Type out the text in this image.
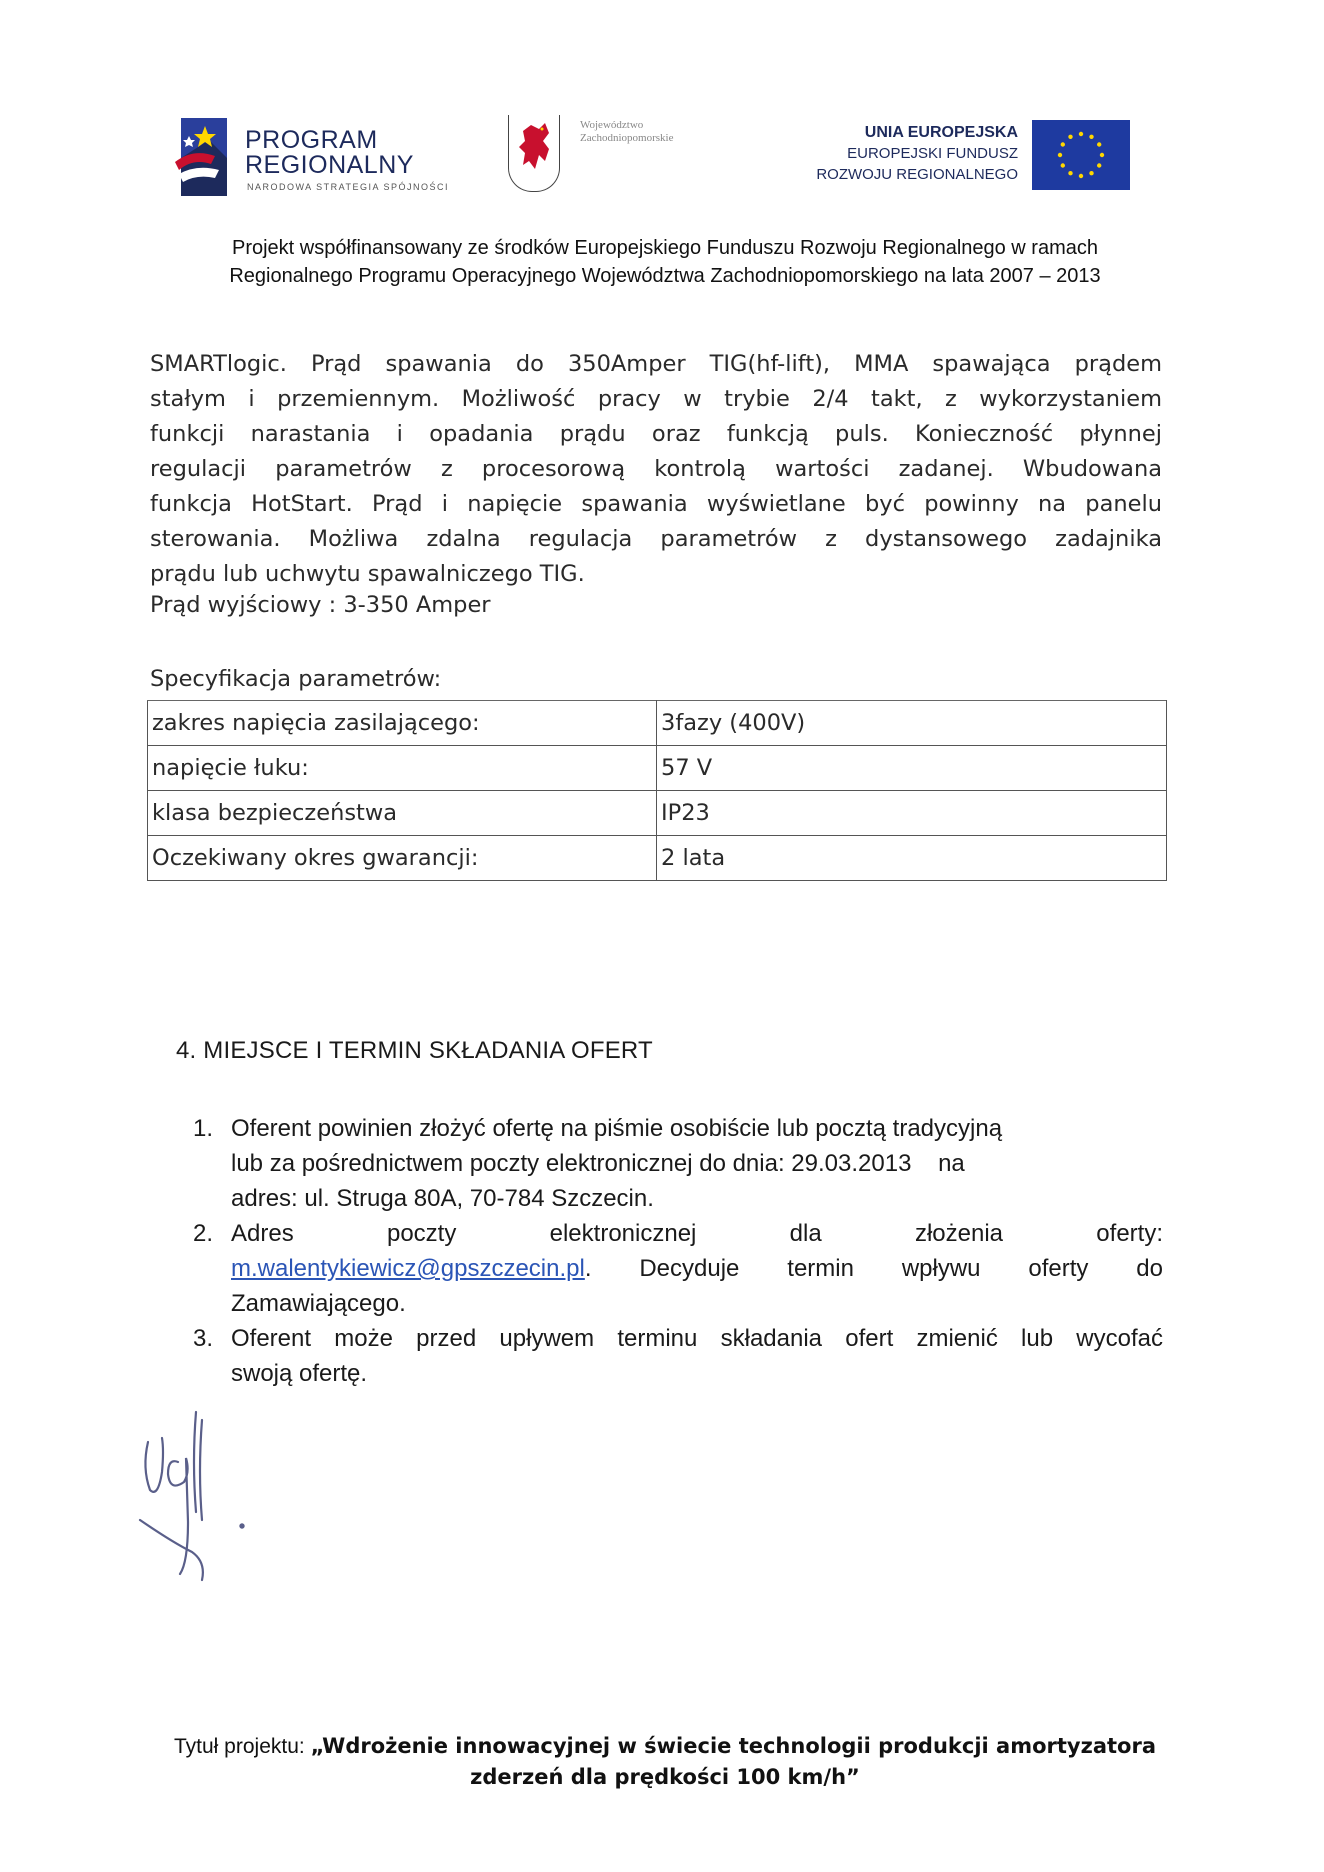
PROGRAM
REGIONALNY
NARODOWA STRATEGIA SPÓJNOŚCI
Województwo
Zachodniopomorskie	UNIA EUROPEJSKA
EUROPEJSKI FUNDUSZ
ROZWOJU REGIONALNEGO
Projekt współfinansowany ze środków Europejskiego Funduszu Rozwoju Regionalnego w ramach
Regionalnego Programu Operacyjnego Województwa Zachodniopomorskiego na lata 2007 – 2013
SMARTlogic. Prąd spawania do 350Amper TIG(hf-lift), MMA spawająca prądem
stałym i przemiennym. Możliwość pracy w trybie 2/4 takt, z wykorzystaniem
funkcji narastania i opadania prądu oraz funkcją puls. Konieczność płynnej
regulacji parametrów z procesorową kontrolą wartości zadanej. Wbudowana
funkcja HotStart. Prąd i napięcie spawania wyświetlane być powinny na panelu
sterowania. Możliwa zdalna regulacja parametrów z dystansowego zadajnika
prądu lub uchwytu spawalniczego TIG.
Prąd wyjściowy : 3-350 Amper
Specyfikacja parametrów:
zakres napięcia zasilającego:	3fazy (400V)
napięcie łuku:	57 V
klasa bezpieczeństwa	IP23
Oczekiwany okres gwarancji:	2 lata
4. MIEJSCE I TERMIN SKŁADANIA OFERT
1. Oferent powinien złożyć ofertę na piśmie osobiście lub pocztą tradycyjną
lub za pośrednictwem poczty elektronicznej do dnia: 29.03.2013    na
adres: ul. Struga 80A, 70-784 Szczecin.
2. Adres poczty elektronicznej dla złożenia oferty:
m.walentykiewicz@gpszczecin.pl. Decyduje termin wpływu oferty do
Zamawiającego.
3. Oferent może przed upływem terminu składania ofert zmienić lub wycofać
swoją ofertę.
Tytuł projektu: „Wdrożenie innowacyjnej w świecie technologii produkcji amortyzatora
zderzeń dla prędkości 100 km/h”
